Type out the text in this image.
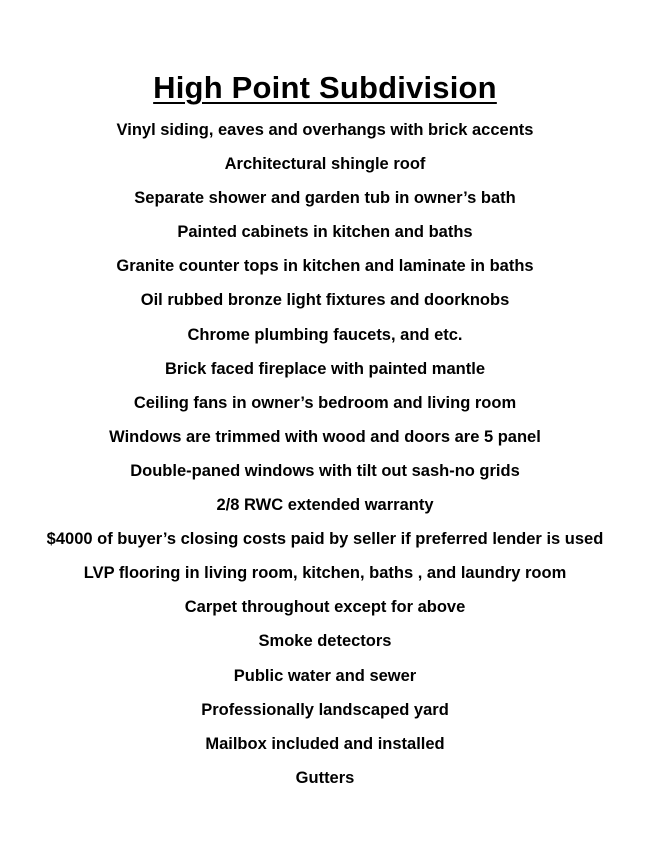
High Point Subdivision
Vinyl siding, eaves and overhangs with brick accents
Architectural shingle roof
Separate shower and garden tub in owner’s bath
Painted cabinets in kitchen and baths
Granite counter tops in kitchen and laminate in baths
Oil rubbed bronze light fixtures and doorknobs
Chrome plumbing faucets, and etc.
Brick faced fireplace with painted mantle
Ceiling fans in owner’s bedroom and living room
Windows are trimmed with wood and doors are 5 panel
Double-paned windows with tilt out sash-no grids
2/8 RWC extended warranty
$4000 of buyer’s closing costs paid by seller if preferred lender is used
LVP flooring in living room, kitchen, baths , and laundry room
Carpet throughout except for above
Smoke detectors
Public water and sewer
Professionally landscaped yard
Mailbox included and installed
Gutters
